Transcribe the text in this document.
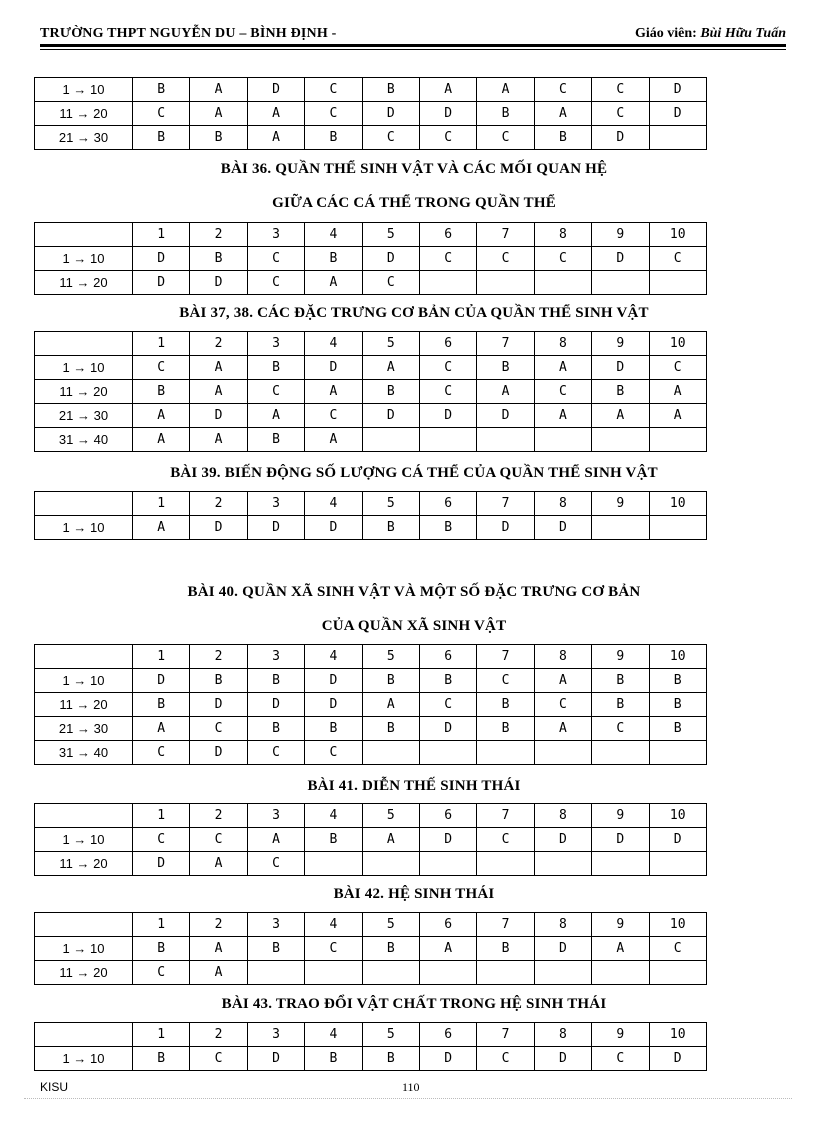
TRƯỜNG THPT NGUYỄN DU – BÌNH ĐỊNH -	Giáo viên: Bùi Hữu Tuấn
1 → 10	B	A	D	C	B	A	A	C	C	D
11 → 20	C	A	A	C	D	D	B	A	C	D
21 → 30	B	B	A	B	C	C	C	B	D	
BÀI 36. QUẦN THỂ SINH VẬT VÀ CÁC MỐI QUAN HỆ
GIỮA CÁC CÁ THỂ TRONG QUẦN THỂ
	1	2	3	4	5	6	7	8	9	10
1 → 10	D	B	C	B	D	C	C	C	D	C
11 → 20	D	D	C	A	C					
BÀI 37, 38. CÁC ĐẶC TRƯNG CƠ BẢN CỦA QUẦN THỂ SINH VẬT
	1	2	3	4	5	6	7	8	9	10
1 → 10	C	A	B	D	A	C	B	A	D	C
11 → 20	B	A	C	A	B	C	A	C	B	A
21 → 30	A	D	A	C	D	D	D	A	A	A
31 → 40	A	A	B	A						
BÀI 39. BIẾN ĐỘNG SỐ LƯỢNG CÁ THỂ CỦA QUẦN THỂ SINH VẬT
	1	2	3	4	5	6	7	8	9	10
1 → 10	A	D	D	D	B	B	D	D		
BÀI 40. QUẦN XÃ SINH VẬT VÀ MỘT SỐ ĐẶC TRƯNG CƠ BẢN
CỦA QUẦN XÃ SINH VẬT
	1	2	3	4	5	6	7	8	9	10
1 → 10	D	B	B	D	B	B	C	A	B	B
11 → 20	B	D	D	D	A	C	B	C	B	B
21 → 30	A	C	B	B	B	D	B	A	C	B
31 → 40	C	D	C	C						
BÀI 41. DIỄN THẾ SINH THÁI
	1	2	3	4	5	6	7	8	9	10
1 → 10	C	C	A	B	A	D	C	D	D	D
11 → 20	D	A	C							
BÀI 42. HỆ SINH THÁI
	1	2	3	4	5	6	7	8	9	10
1 → 10	B	A	B	C	B	A	B	D	A	C
11 → 20	C	A								
BÀI 43. TRAO ĐỔI VẬT CHẤT TRONG HỆ SINH THÁI
	1	2	3	4	5	6	7	8	9	10
1 → 10	B	C	D	B	B	D	C	D	C	D
KISU	110
